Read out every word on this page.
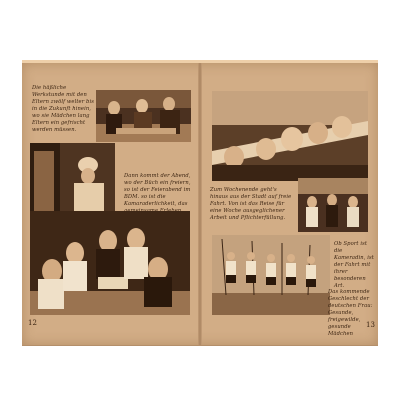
Die häßliche Werkstunde mit den Eltern zwölf welter bis in die Zukunft hinein, wo sie Mädchen lang Eltern ein gefrischt werden müssen.

Dann kommt der Abend, wo der Büch ein freiern, so ist der Feierabend im BDM. so ist die Kamaraderlichkeit, das

12

Zum Wochenende geht's hinaus aus der Stadt auf freie Fahrt. Von ist das Reise für eine Woche ausgeglichener Arbeit und Pflichterfüllung.

Ob Sport ist die Kameradin, ist der Fahrt mit ihrer besonderen Art.

Das kommende Geschlecht der deutschen Frau: Gesunde, freigewilde, gesunde Mädchen

13
